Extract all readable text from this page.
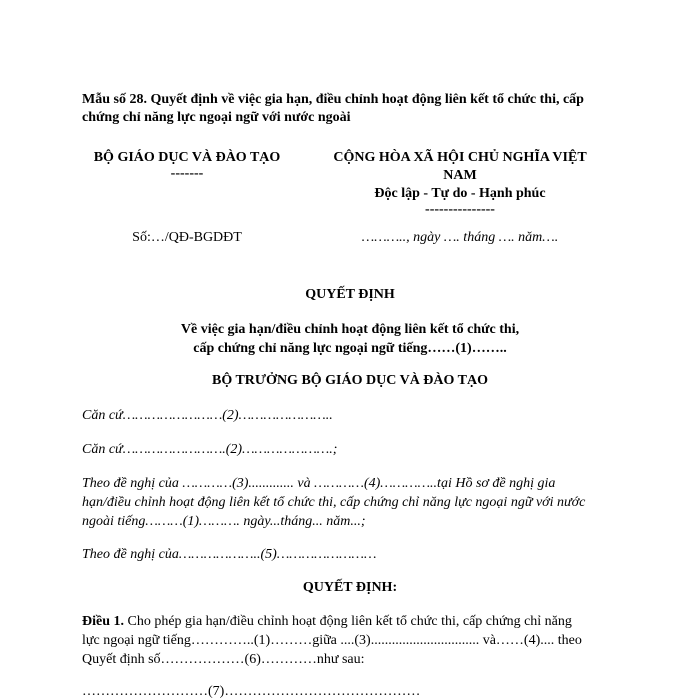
Mẫu số 28. Quyết định về việc gia hạn, điều chỉnh hoạt động liên kết tổ chức thi, cấp
chứng chỉ năng lực ngoại ngữ với nước ngoài
BỘ GIÁO DỤC VÀ ĐÀO TẠO
-------
CỘNG HÒA XÃ HỘI CHỦ NGHĨA VIỆT
NAM
Độc lập - Tự do - Hạnh phúc
---------------
Số:…/QĐ-BGDĐT	……….., ngày …. tháng …. năm….
QUYẾT ĐỊNH
Về việc gia hạn/điều chỉnh hoạt động liên kết tổ chức thi,
cấp chứng chỉ năng lực ngoại ngữ tiếng……(1)……..
BỘ TRƯỞNG BỘ GIÁO DỤC VÀ ĐÀO TẠO
Căn cứ……………………(2)…………………..
Căn cứ…………………….(2)………………….;
Theo đề nghị của …………(3)............. và …………(4)…………..tại Hồ sơ đề nghị gia
hạn/điều chỉnh hoạt động liên kết tổ chức thi, cấp chứng chỉ năng lực ngoại ngữ với nước
ngoài tiếng………(1)………. ngày...tháng... năm...;
Theo đề nghị của………………..(5)……………………
QUYẾT ĐỊNH:
Điều 1. Cho phép gia hạn/điều chỉnh hoạt động liên kết tổ chức thi, cấp chứng chỉ năng
lực ngoại ngữ tiếng…………..(1)………giữa ....(3)............................... và……(4).... theo
Quyết định số………………(6)…………như sau:
………………………(7)……………………………………
